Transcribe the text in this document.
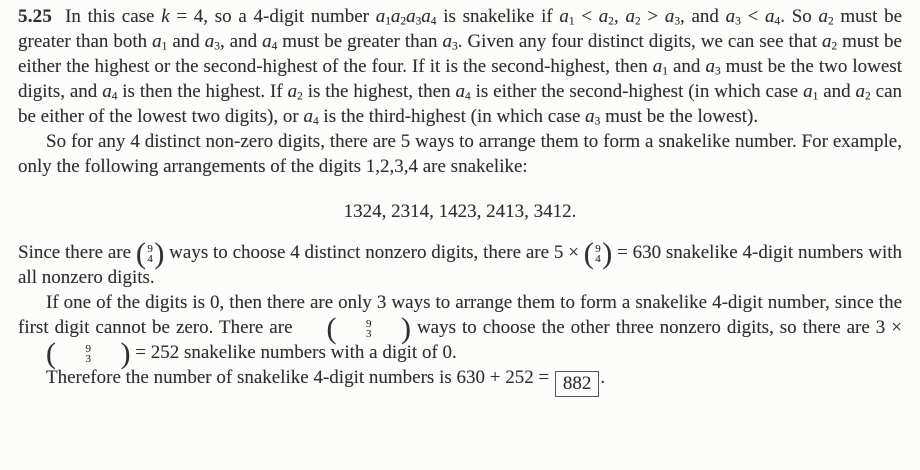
5.25 In this case k = 4, so a 4-digit number $a_1a_2a_3a_4$ is snakelike if $a_1 < a_2$, $a_2 > a_3$, and $a_3 < a_4$. So $a_2$ must be greater than both $a_1$ and $a_3$, and $a_4$ must be greater than $a_3$. Given any four distinct digits, we can see that $a_2$ must be either the highest or the second-highest of the four. If it is the second-highest, then $a_1$ and $a_3$ must be the two lowest digits, and $a_4$ is then the highest. If $a_2$ is the highest, then $a_4$ is either the second-highest (in which case $a_1$ and $a_2$ can be either of the lowest two digits), or $a_4$ is the third-highest (in which case $a_3$ must be the lowest).

So for any 4 distinct non-zero digits, there are 5 ways to arrange them to form a snakelike number. For example, only the following arrangements of the digits 1,2,3,4 are snakelike:

1324, 2314, 1423, 2413, 3412.

Since there are ( 9
4 ) ways to choose 4 distinct nonzero digits, there are 5 × ( 9
4 ) = 630 snakelike 4-digit numbers with all nonzero digits.

If one of the digits is 0, then there are only 3 ways to arrange them to form a snakelike 4-digit number, since the first digit cannot be zero. There are (	9
3 ) ways to choose the other three nonzero digits, so there are 3 ×
(	9
3 ) = 252 snakelike numbers with a digit of 0.

Therefore the number of snakelike 4-digit numbers is 630 + 252 = 882 .
